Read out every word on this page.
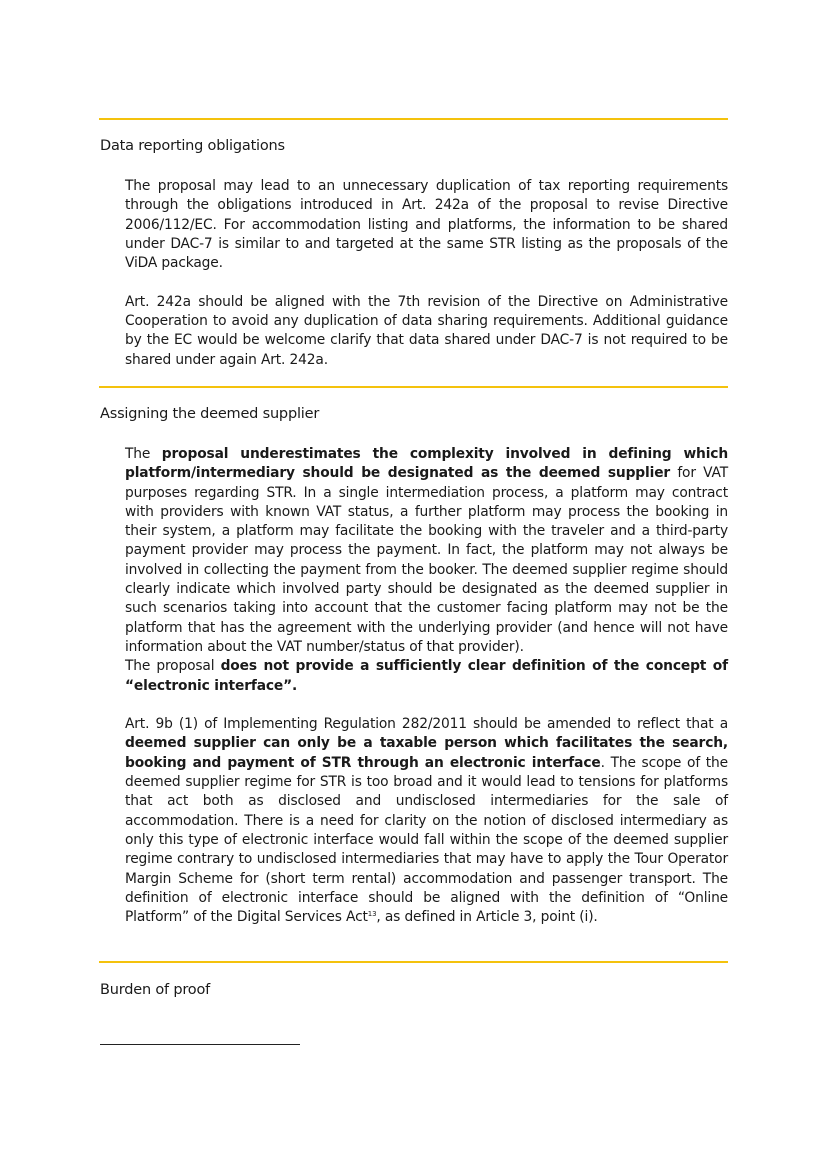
Data reporting obligations

The proposal may lead to an unnecessary duplication of tax reporting requirements through the obligations introduced in Art. 242a of the proposal to revise Directive 2006/112/EC. For accommodation listing and platforms, the information to be shared under DAC-7 is similar to and targeted at the same STR listing as the proposals of the ViDA package.

Art. 242a should be aligned with the 7th revision of the Directive on Administrative Cooperation to avoid any duplication of data sharing requirements. Additional guidance by the EC would be welcome clarify that data shared under DAC-7 is not required to be shared under again Art. 242a.

Assigning the deemed supplier

The proposal underestimates the complexity involved in defining which platform/intermediary should be designated as the deemed supplier for VAT purposes regarding STR. In a single intermediation process, a platform may contract with providers with known VAT status, a further platform may process the booking in their system, a platform may facilitate the booking with the traveler and a third-party payment provider may process the payment. In fact, the platform may not always be involved in collecting the payment from the booker. The deemed supplier regime should clearly indicate which involved party should be designated as the deemed supplier in such scenarios taking into account that the customer facing platform may not be the platform that has the agreement with the underlying provider (and hence will not have information about the VAT number/status of that provider).

The proposal does not provide a sufficiently clear definition of the concept of “electronic interface”.

Art. 9b (1) of Implementing Regulation 282/2011 should be amended to reflect that a deemed supplier can only be a taxable person which facilitates the search, booking and payment of STR through an electronic interface. The scope of the deemed supplier regime for STR is too broad and it would lead to tensions for platforms that act both as disclosed and undisclosed intermediaries for the sale of accommodation. There is a need for clarity on the notion of disclosed intermediary as only this type of electronic interface would fall within the scope of the deemed supplier regime contrary to undisclosed intermediaries that may have to apply the Tour Operator Margin Scheme for (short term rental) accommodation and passenger transport. The definition of electronic interface should be aligned with the definition of “Online Platform” of the Digital Services Act$^{13}$, as defined in Article 3, point (i).

Burden of proof
